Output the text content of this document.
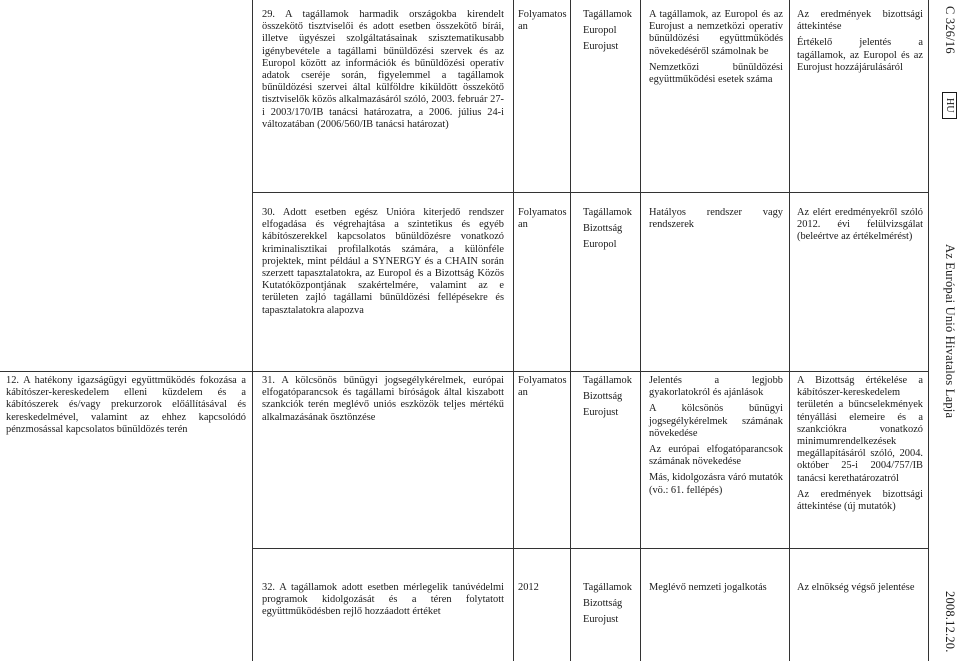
29. A tagállamok harmadik országokba kirendelt összekötő tisztviselői és adott esetben összekötő bírái, illetve ügyészei szolgáltatásainak szisztematikusabb igénybevétele a tagállami bűnüldözési szervek és az Europol között az információk és bűnüldözési operatív adatok cseréje során, figyelemmel a tagállamok bűnüldözési szervei által külföldre kiküldött összekötő tisztviselők közös alkalmazásáról szóló, 2003. február 27-i 2003/170/IB tanácsi határozatra, a 2006. július 24-i változatában (2006/560/IB tanácsi határozat)
Folyamatosan
Tagállamok
Europol
Eurojust

A tagállamok, az Europol és az Eurojust a nemzetközi operatív bűnüldözési együttműködés növekedéséről számolnak be

Nemzetközi bűnüldözési együttműködési esetek száma

Az eredmények bizottsági áttekintése

Értékelő jelentés a tagállamok, az Europol és az Eurojust hozzájárulásáról

30. Adott esetben egész Unióra kiterjedő rendszer elfogadása és végrehajtása a szintetikus és egyéb kábítószerekkel kapcsolatos bűnüldözésre vonatkozó kriminalisztikai profilalkotás számára, a különféle projektek, mint például a SYNERGY és a CHAIN során szerzett tapasztalatokra, az Europol és a Bizottság Közös Kutatóközpontjának szakértelmére, valamint az e területen zajló tagállami bűnüldözési fellépésekre és tapasztalatokra alapozva
Folyamatosan
Tagállamok
Bizottság
Europol

Hatályos rendszer vagy rendszerek

Az elért eredményekről szóló 2012. évi felülvizsgálat (beleértve az értékelmérést)

12. A hatékony igazságügyi együttműködés fokozása a kábítószer-kereskedelem elleni küzdelem és a kábítószerek és/vagy prekurzorok előállításával és kereskedelmével, valamint az ehhez kapcsolódó pénzmosással kapcsolatos bűnüldözés terén
31. A kölcsönös bűnügyi jogsegélykérelmek, európai elfogatóparancsok és tagállami bíróságok által kiszabott szankciók terén meglévő uniós eszközök teljes mértékű alkalmazásának ösztönzése
Folyamatosan
Tagállamok
Bizottság
Eurojust

Jelentés a legjobb gyakorlatokról és ajánlások

A kölcsönös bűnügyi jogsegélykérelmek számának növekedése

Az európai elfogatóparancsok számának növekedése

Más, kidolgozásra váró mutatók (vö.: 61. fellépés)

A Bizottság értékelése a kábítószer-kereskedelem területén a bűncselekmények tényállási elemeire és a szankciókra vonatkozó minimumrendelkezések megállapításáról szóló, 2004. október 25-i 2004/757/IB tanácsi kerethatározatról

Az eredmények bizottsági áttekintése (új mutatók)

32. A tagállamok adott esetben mérlegelik tanúvédelmi programok kidolgozását és a téren folytatott együttműködésben rejlő hozzáadott értéket
2012	Tagállamok
Bizottság
Eurojust

Meglévő nemzeti jogalkotás	Az elnökség végső jelentése

C 326/16
HU
Az Európai Unió Hivatalos Lapja
2008.12.20.
